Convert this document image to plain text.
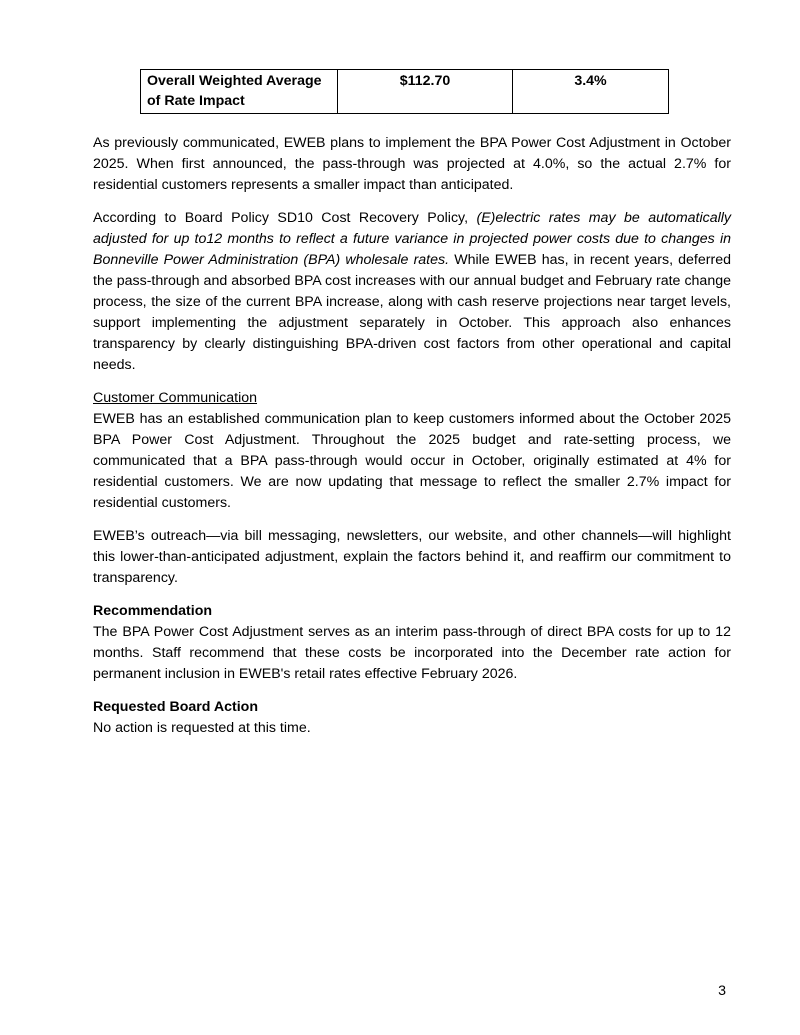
Overall Weighted Average of Rate Impact	$112.70	3.4%

As previously communicated, EWEB plans to implement the BPA Power Cost Adjustment in October 2025. When first announced, the pass-through was projected at 4.0%, so the actual 2.7% for residential customers represents a smaller impact than anticipated.

According to Board Policy SD10 Cost Recovery Policy, (E)electric rates may be automatically adjusted for up to12 months to reflect a future variance in projected power costs due to changes in Bonneville Power Administration (BPA) wholesale rates. While EWEB has, in recent years, deferred the pass-through and absorbed BPA cost increases with our annual budget and February rate change process, the size of the current BPA increase, along with cash reserve projections near target levels, support implementing the adjustment separately in October. This approach also enhances transparency by clearly distinguishing BPA-driven cost factors from other operational and capital needs.

Customer Communication

EWEB has an established communication plan to keep customers informed about the October 2025 BPA Power Cost Adjustment. Throughout the 2025 budget and rate-setting process, we communicated that a BPA pass-through would occur in October, originally estimated at 4% for residential customers. We are now updating that message to reflect the smaller 2.7% impact for residential customers.

EWEB’s outreach—via bill messaging, newsletters, our website, and other channels—will highlight this lower-than-anticipated adjustment, explain the factors behind it, and reaffirm our commitment to transparency.

Recommendation

The BPA Power Cost Adjustment serves as an interim pass-through of direct BPA costs for up to 12 months. Staff recommend that these costs be incorporated into the December rate action for permanent inclusion in EWEB's retail rates effective February 2026.

Requested Board Action

No action is requested at this time.

3
